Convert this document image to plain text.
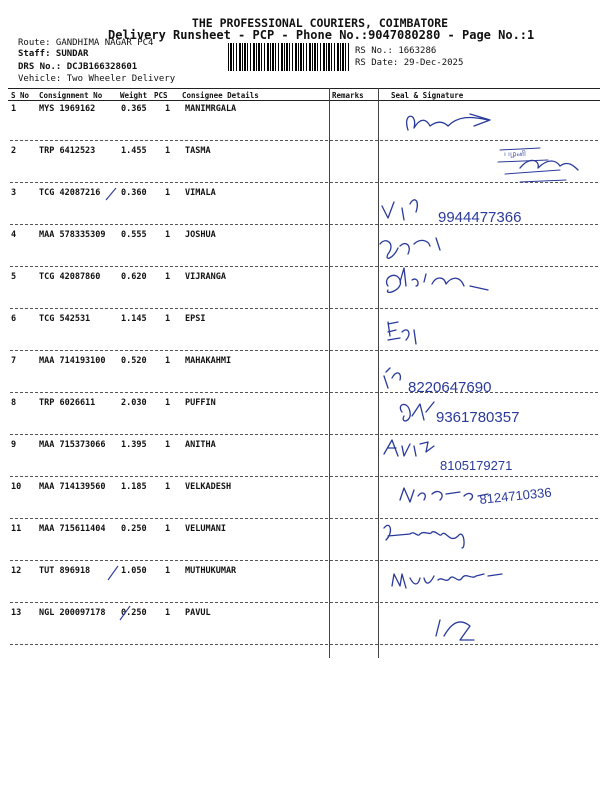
THE PROFESSIONAL COURIERS, COIMBATORE
Delivery Runsheet - PCP - Phone No.:9047080280 - Page No.:1
Route: GANDHIMA NAGAR PC4
Staff: SUNDAR
DRS No.: DCJB166328601
Vehicle: Two Wheeler Delivery
RS No.: 1663286
RS Date: 29-Dec-2025
S No Consignment No Weight PCS Consignee Details	Remarks	Seal & Signature
1	MYS 1969162	0.365 1 MANIMRGALA
2	TRP 6412523	1.455 1 TASMA
3	TCG 42087216 0.360 1 VIMALA
4	MAA 578335309 0.555 1 JOSHUA
5	TCG 42087860 0.620 1 VIJRANGA
6	TCG 542531	1.145 1 EPSI
7	MAA 714193100 0.520 1 MAHAKAHMI
8	TRP 6026611	2.030 1 PUFFIN
9	MAA 715373066 1.395 1 ANITHA
10 MAA 714139560 1.185 1 VELKADESH
11 MAA 715611404 0.250 1 VELUMANI
12 TUT 896918	1.050 1 MUTHUKUMAR
13 NGL 200097178 0.250 1 PAVUL
பழனி
9944477366
8220647690
9361780357
8105179271
8124710336
